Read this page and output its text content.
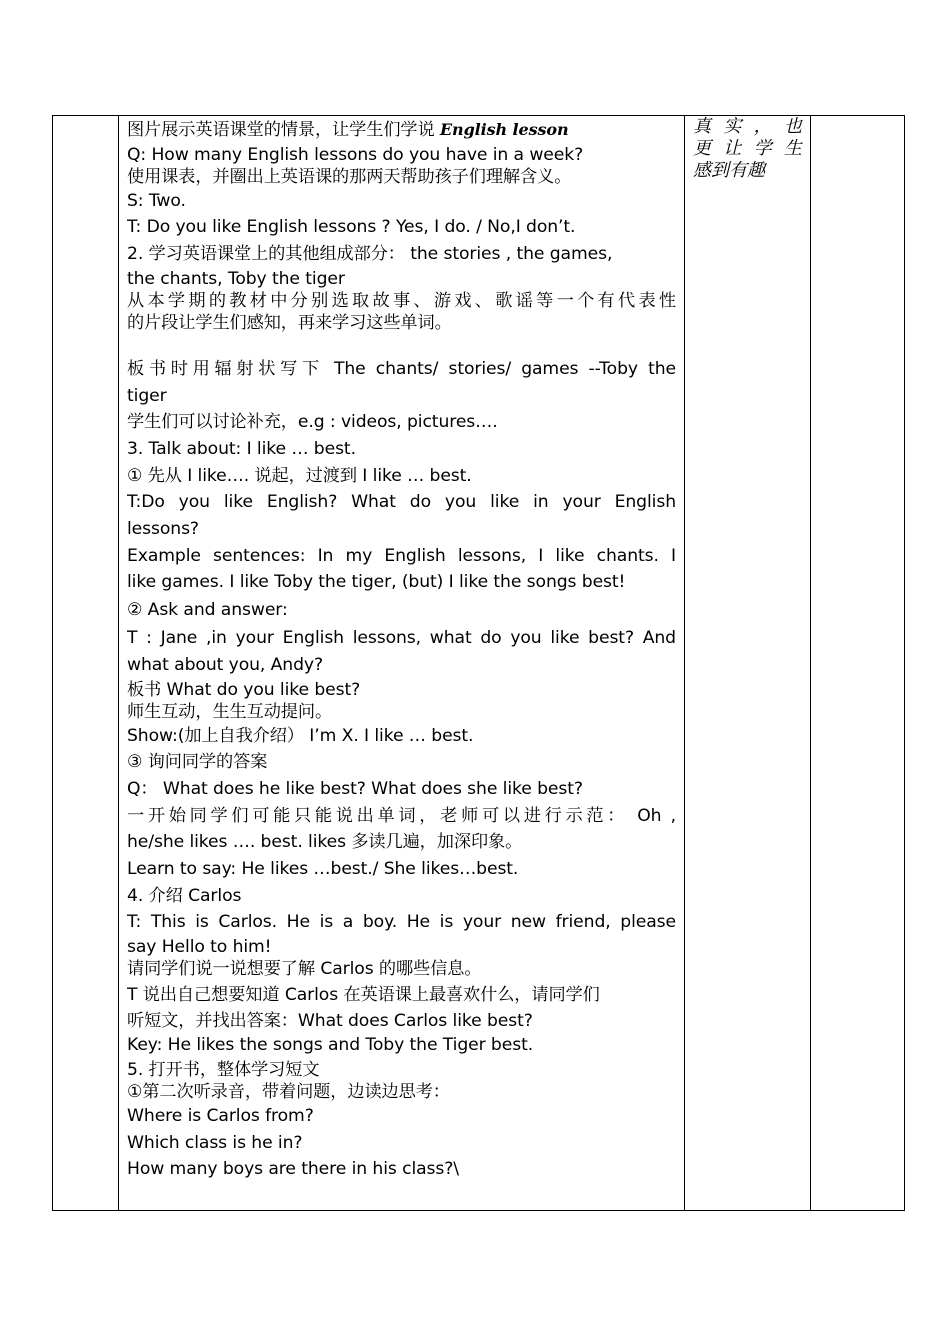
图片展示英语课堂的情景，让学生们学说 English lesson
Q: How many English lessons do you have in a week?
使用课表，并圈出上英语课的那两天帮助孩子们理解含义。
S: Two.
T: Do you like English lessons ? Yes, I do. / No,I don’t.
2. 学习英语课堂上的其他组成部分： the stories , the games,
the chants, Toby the tiger
从本学期的教材中分别选取故事、游戏、歌谣等一个有代表性
的片段让学生们感知，再来学习这些单词。
板书时用辐射状写下 The chants/ stories/ games --Toby the
tiger
学生们可以讨论补充，e.g : videos, pictures….
3. Talk about: I like … best.
① 先从 I like…. 说起，过渡到 I like … best.
T:Do you like English? What do you like in your English
lessons?
Example sentences: In my English lessons, I like chants. I
like games. I like Toby the tiger, (but) I like the songs best!
② Ask and answer:
T : Jane ,in your English lessons, what do you like best? And
what about you, Andy?
板书 What do you like best?
师生互动，生生互动提问。
Show:(加上自我介绍） I’m X. I like … best.
③ 询问同学的答案
Q： What does he like best? What does she like best?
一开始同学们可能只能说出单词，老师可以进行示范： Oh ,
he/she likes …. best. likes 多读几遍，加深印象。
Learn to say: He likes …best./ She likes…best.
4. 介绍 Carlos
T: This is Carlos. He is a boy. He is your new friend, please
say Hello to him!
请同学们说一说想要了解 Carlos 的哪些信息。
T 说出自己想要知道 Carlos 在英语课上最喜欢什么，请同学们
听短文，并找出答案：What does Carlos like best?
Key: He likes the songs and Toby the Tiger best.
5. 打开书，整体学习短文
①第二次听录音，带着问题，边读边思考：
Where is Carlos from?
Which class is he in?
How many boys are there in his class?\

真实，也
更让学生
感到有趣
